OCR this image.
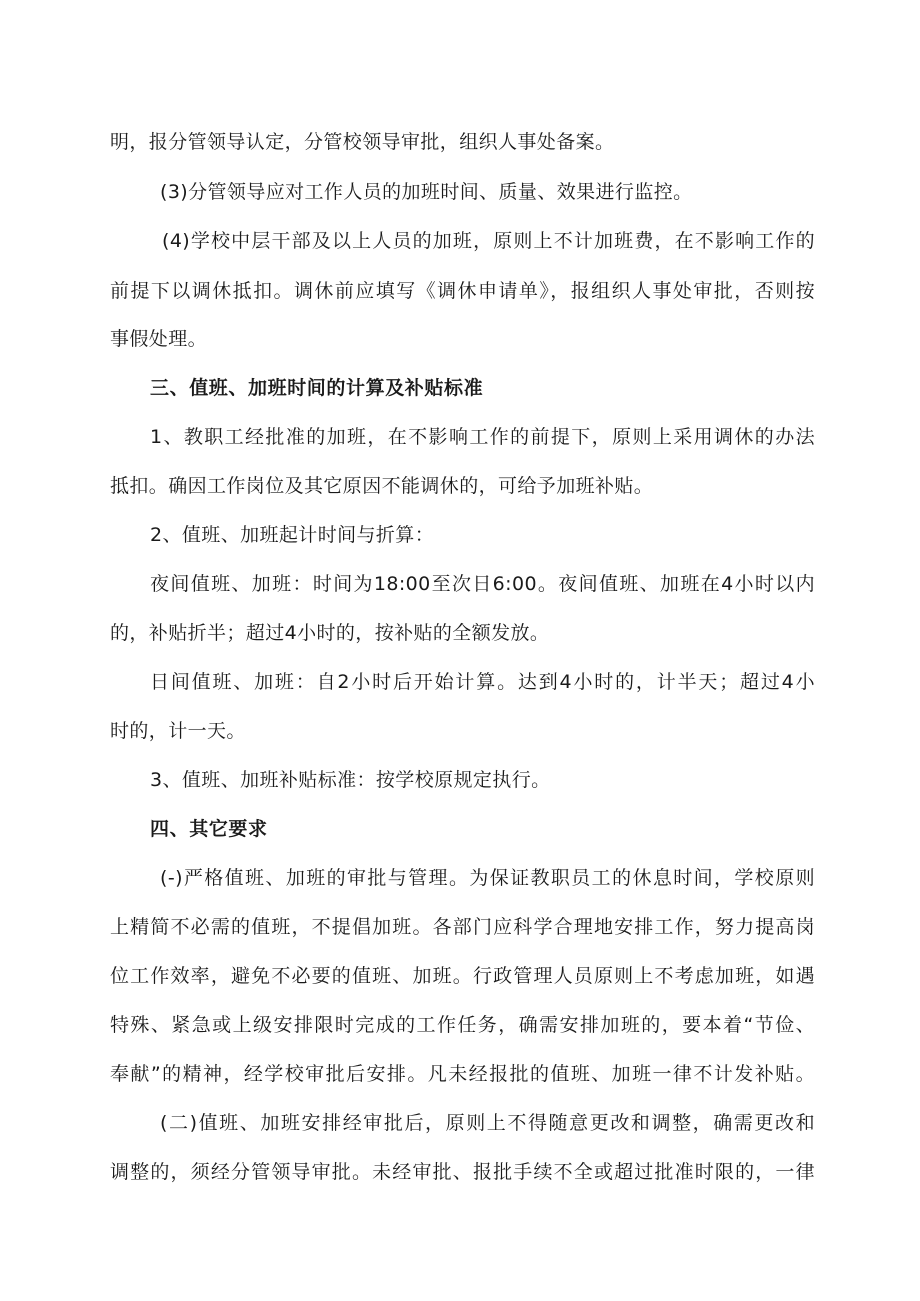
明，报分管领导认定，分管校领导审批，组织人事处备案。
(3)分管领导应对工作人员的加班时间、质量、效果进行监控。
(4)学校中层干部及以上人员的加班，原则上不计加班费，在不影响工作的
前提下以调休抵扣。调休前应填写《调休申请单》，报组织人事处审批，否则按
事假处理。
三、值班、加班时间的计算及补贴标准
1、教职工经批准的加班，在不影响工作的前提下，原则上采用调休的办法
抵扣。确因工作岗位及其它原因不能调休的，可给予加班补贴。
2、值班、加班起计时间与折算：
夜间值班、加班：时间为18:00至次日6:00。夜间值班、加班在4小时以内
的，补贴折半；超过4小时的，按补贴的全额发放。
日间值班、加班：自2小时后开始计算。达到4小时的，计半天；超过4小
时的，计一天。
3、值班、加班补贴标准：按学校原规定执行。
四、其它要求
(-)严格值班、加班的审批与管理。为保证教职员工的休息时间，学校原则
上精简不必需的值班，不提倡加班。各部门应科学合理地安排工作，努力提高岗
位工作效率，避免不必要的值班、加班。行政管理人员原则上不考虑加班，如遇
特殊、紧急或上级安排限时完成的工作任务，确需安排加班的，要本着“节俭、
奉献”的精神，经学校审批后安排。凡未经报批的值班、加班一律不计发补贴。
(二)值班、加班安排经审批后，原则上不得随意更改和调整，确需更改和
调整的，须经分管领导审批。未经审批、报批手续不全或超过批准时限的，一律
